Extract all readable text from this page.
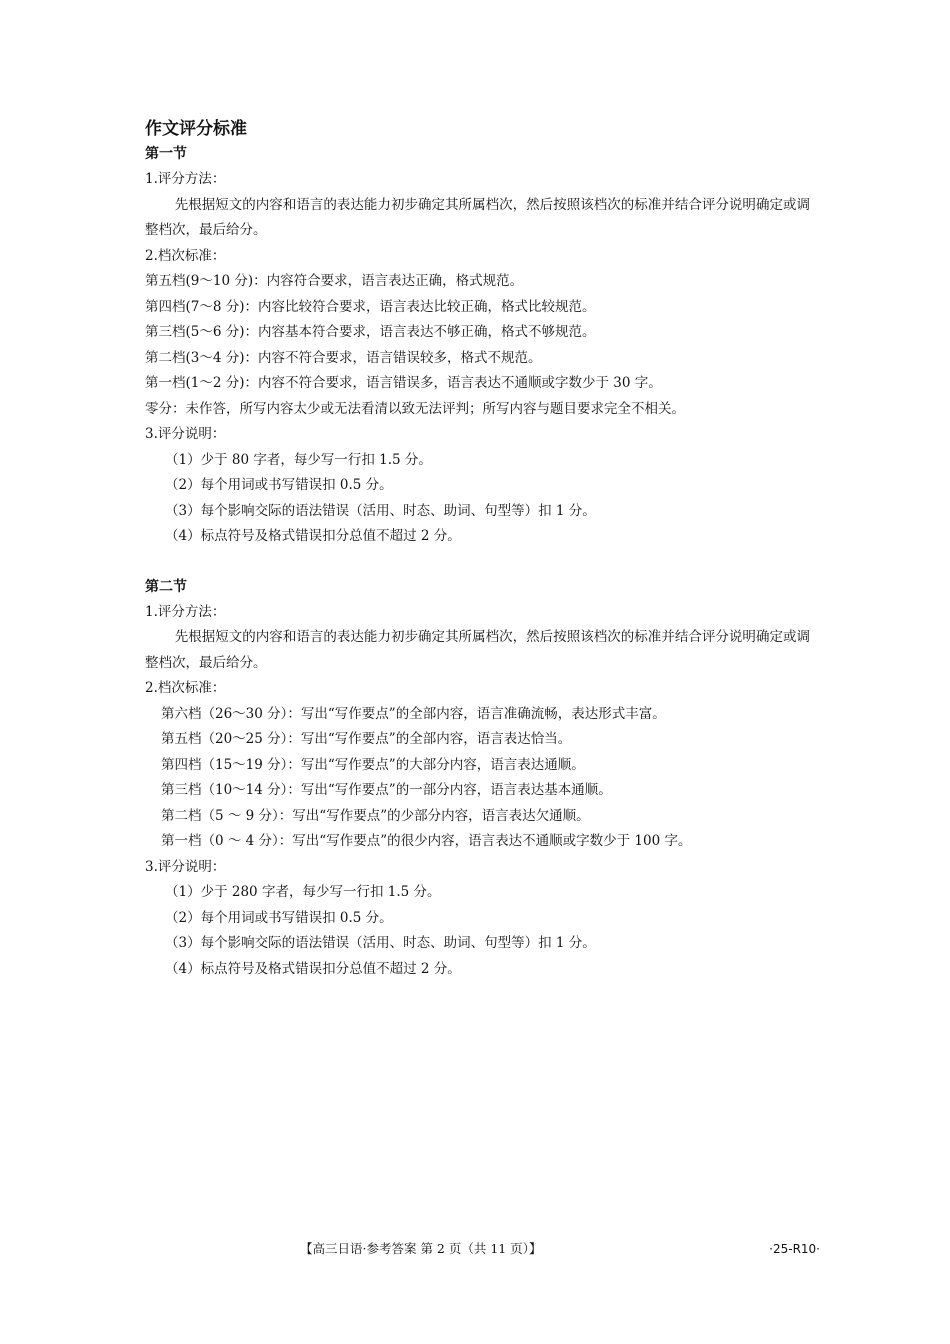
作文评分标准

第一节

1.评分方法：

先根据短文的内容和语言的表达能力初步确定其所属档次，然后按照该档次的标准并结合评分说明确定或调整档次，最后给分。

2.档次标准：

第五档(9～10 分)：内容符合要求，语言表达正确，格式规范。

第四档(7～8 分)：内容比较符合要求，语言表达比较正确，格式比较规范。

第三档(5～6 分)：内容基本符合要求，语言表达不够正确，格式不够规范。

第二档(3～4 分)：内容不符合要求，语言错误较多，格式不规范。

第一档(1～2 分)：内容不符合要求，语言错误多，语言表达不通顺或字数少于 30 字。

零分：未作答，所写内容太少或无法看清以致无法评判；所写内容与题目要求完全不相关。

3.评分说明：

（1）少于 80 字者，每少写一行扣 1.5 分。

（2）每个用词或书写错误扣 0.5 分。

（3）每个影响交际的语法错误（活用、时态、助词、句型等）扣 1 分。

（4）标点符号及格式错误扣分总值不超过 2 分。

第二节

1.评分方法：

先根据短文的内容和语言的表达能力初步确定其所属档次，然后按照该档次的标准并结合评分说明确定或调整档次，最后给分。

2.档次标准：

第六档（26～30 分）：写出“写作要点”的全部内容，语言准确流畅，表达形式丰富。

第五档（20～25 分）：写出“写作要点”的全部内容，语言表达恰当。

第四档（15～19 分）：写出“写作要点”的大部分内容，语言表达通顺。

第三档（10～14 分）：写出“写作要点”的一部分内容，语言表达基本通顺。

第二档（5 ～ 9 分）：写出“写作要点”的少部分内容，语言表达欠通顺。

第一档（0 ～ 4 分）：写出“写作要点”的很少内容，语言表达不通顺或字数少于 100 字。

3.评分说明：

（1）少于 280 字者，每少写一行扣 1.5 分。

（2）每个用词或书写错误扣 0.5 分。

（3）每个影响交际的语法错误（活用、时态、助词、句型等）扣 1 分。

（4）标点符号及格式错误扣分总值不超过 2 分。

【高三日语·参考答案 第 2 页（共 11 页）】	·25-R10·
